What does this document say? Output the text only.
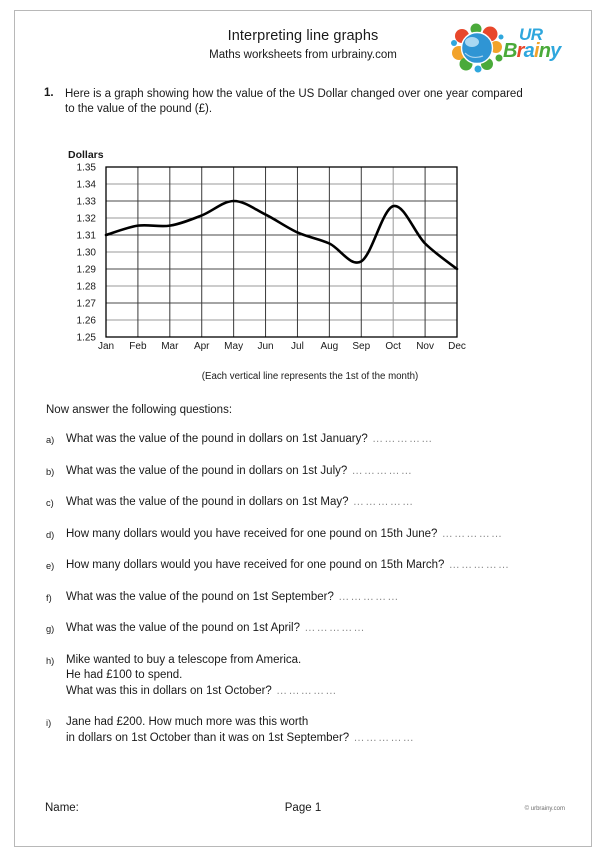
Interpreting line graphs
Maths worksheets from urbrainy.com
UR
Brainy
1. Here is a graph showing how the value of the US Dollar changed over one year compared to the value of the pound (£).
Dollars
1.35
1.34
1.33
1.32
1.31
1.30
1.29
1.28
1.27
1.26
1.25
Jan Feb Mar Apr May Jun Jul Aug Sep Oct Nov Dec
(Each vertical line represents the 1st of the month)
Now answer the following questions:
a) What was the value of the pound in dollars on 1st January? ……………
b) What was the value of the pound in dollars on 1st July? ……………
c) What was the value of the pound in dollars on 1st May? ……………
d) How many dollars would you have received for one pound on 15th June? ……………
e) How many dollars would you have received for one pound on 15th March? ……………
f) What was the value of the pound on 1st September? ……………
g) What was the value of the pound on 1st April? ……………
h) Mike wanted to buy a telescope from America.
He had £100 to spend.
What was this in dollars on 1st October? ……………
i) Jane had £200. How much more was this worth
in dollars on 1st October than it was on 1st September? ……………
Name:	Page 1	© urbrainy.com
